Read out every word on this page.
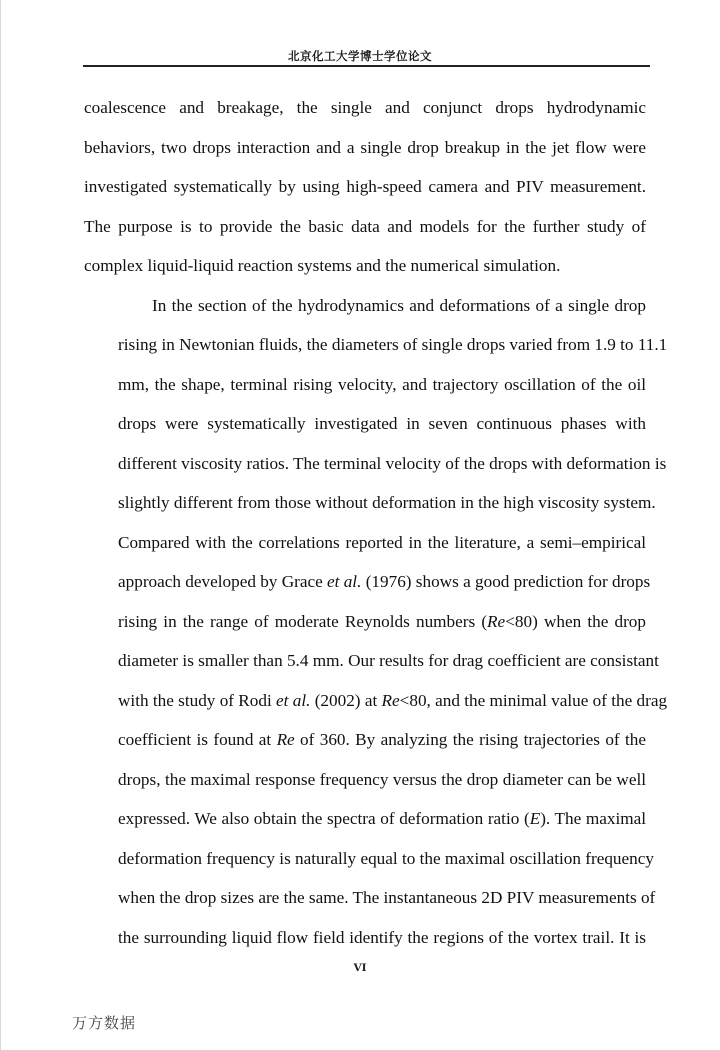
北京化工大学博士学位论文
coalescence and breakage, the single and conjunct drops hydrodynamic
behaviors, two drops interaction and a single drop breakup in the jet flow were
investigated systematically by using high-speed camera and PIV measurement.
The purpose is to provide the basic data and models for the further study of
complex liquid-liquid reaction systems and the numerical simulation.
In the section of the hydrodynamics and deformations of a single drop
rising in Newtonian fluids, the diameters of single drops varied from 1.9 to 11.1
mm, the shape, terminal rising velocity, and trajectory oscillation of the oil
drops were systematically investigated in seven continuous phases with
different viscosity ratios. The terminal velocity of the drops with deformation is
slightly different from those without deformation in the high viscosity system.
Compared with the correlations reported in the literature, a semi–empirical
approach developed by Grace et al. (1976) shows a good prediction for drops
rising in the range of moderate Reynolds numbers (Re<80) when the drop
diameter is smaller than 5.4 mm. Our results for drag coefficient are consistant
with the study of Rodi et al. (2002) at Re<80, and the minimal value of the drag
coefficient is found at Re of 360. By analyzing the rising trajectories of the
drops, the maximal response frequency versus the drop diameter can be well
expressed. We also obtain the spectra of deformation ratio (E). The maximal
deformation frequency is naturally equal to the maximal oscillation frequency
when the drop sizes are the same. The instantaneous 2D PIV measurements of
the surrounding liquid flow field identify the regions of the vortex trail. It is
VI
万方数据
